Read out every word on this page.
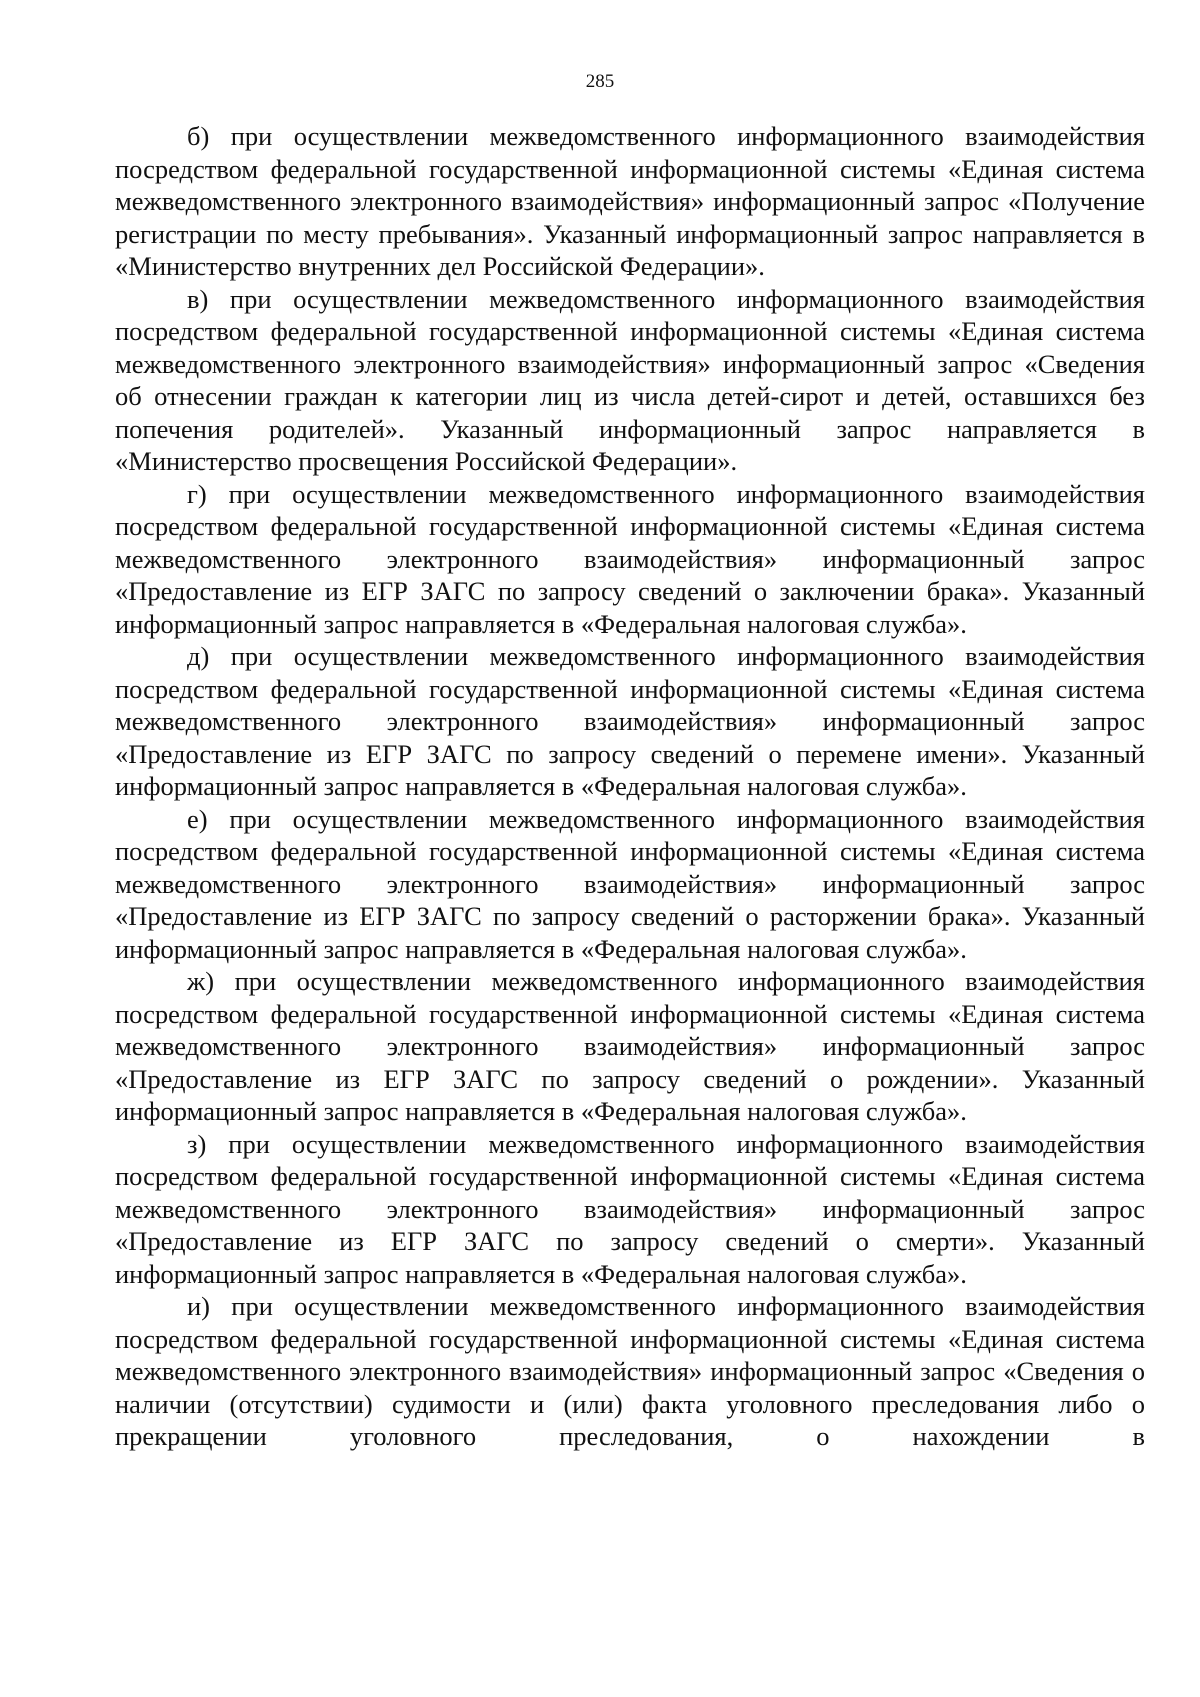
285

б) при осуществлении межведомственного информационного взаимодействия посредством федеральной государственной информационной системы «Единая система межведомственного электронного взаимодействия» информационный запрос «Получение регистрации по месту пребывания». Указанный информационный запрос направляется в «Министерство внутренних дел Российской Федерации».

в) при осуществлении межведомственного информационного взаимодействия посредством федеральной государственной информационной системы «Единая система межведомственного электронного взаимодействия» информационный запрос «Сведения об отнесении граждан к категории лиц из числа детей-сирот и детей, оставшихся без попечения родителей». Указанный информационный запрос направляется в «Министерство просвещения Российской Федерации».

г) при осуществлении межведомственного информационного взаимодействия посредством федеральной государственной информационной системы «Единая система межведомственного электронного взаимодействия» информационный запрос «Предоставление из ЕГР ЗАГС по запросу сведений о заключении брака». Указанный информационный запрос направляется в «Федеральная налоговая служба».

д) при осуществлении межведомственного информационного взаимодействия посредством федеральной государственной информационной системы «Единая система межведомственного электронного взаимодействия» информационный запрос «Предоставление из ЕГР ЗАГС по запросу сведений о перемене имени». Указанный информационный запрос направляется в «Федеральная налоговая служба».

е) при осуществлении межведомственного информационного взаимодействия посредством федеральной государственной информационной системы «Единая система межведомственного электронного взаимодействия» информационный запрос «Предоставление из ЕГР ЗАГС по запросу сведений о расторжении брака». Указанный информационный запрос направляется в «Федеральная налоговая служба».

ж) при осуществлении межведомственного информационного взаимодействия посредством федеральной государственной информационной системы «Единая система межведомственного электронного взаимодействия» информационный запрос «Предоставление из ЕГР ЗАГС по запросу сведений о рождении». Указанный информационный запрос направляется в «Федеральная налоговая служба».

з) при осуществлении межведомственного информационного взаимодействия посредством федеральной государственной информационной системы «Единая система межведомственного электронного взаимодействия» информационный запрос «Предоставление из ЕГР ЗАГС по запросу сведений о смерти». Указанный информационный запрос направляется в «Федеральная налоговая служба».

и) при осуществлении межведомственного информационного взаимодействия посредством федеральной государственной информационной системы «Единая система межведомственного электронного взаимодействия» информационный запрос «Сведения о наличии (отсутствии) судимости и (или) факта уголовного преследования либо о прекращении уголовного преследования, о нахождении в
